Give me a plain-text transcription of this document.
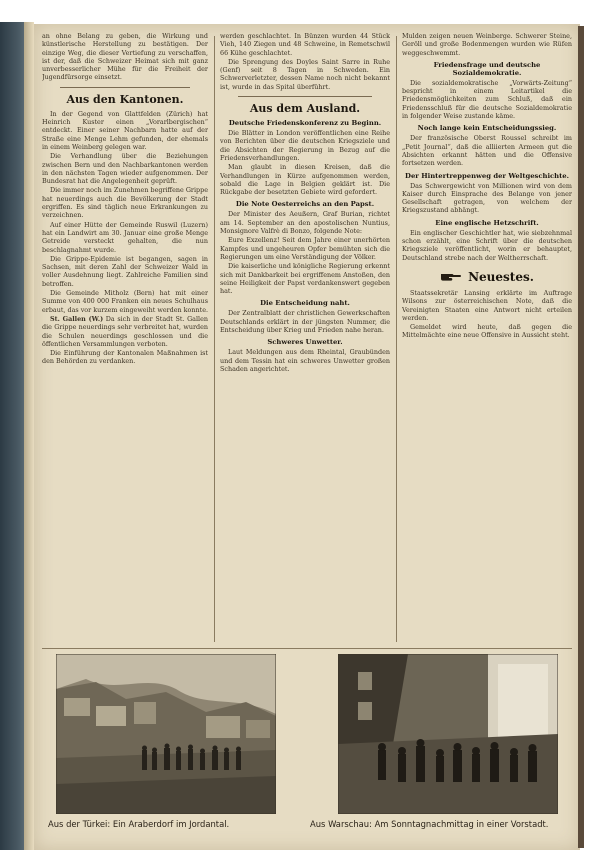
an ohne Belang zu geben, die Wirkung und künstlerische Herstellung zu bestätigen. Der einzige Weg, die dieser Vertiefung zu verschaffen, ist der, daß die Schweizer Heimat sich mit ganz unverbesserlicher Mühe für die Freiheit der Jugendfürsorge einsetzt.

Aus den Kantonen.

In der Gegend von Glattfelden (Zürich) hat Heinrich Kuster einen „Vorarlbergischen“ entdeckt. Einer seiner Nachbarn hatte auf der Straße eine Menge Lehm gefunden, der ehemals in einem Weinberg gelegen war.

Die Verhandlung über die Beziehungen zwischen Bern und den Nachbarkantonen werden in den nächsten Tagen wieder aufgenommen. Der Bundesrat hat die Angelegenheit geprüft.

Die immer noch im Zunehmen begriffene Grippe hat neuerdings auch die Bevölkerung der Stadt ergriffen. Es sind täglich neue Erkrankungen zu verzeichnen.

Auf einer Hütte der Gemeinde Ruswil (Luzern) hat ein Landwirt am 30. Januar eine große Menge Getreide versteckt gehalten, die nun beschlagnahmt wurde.

Die Grippe-Epidemie ist begangen, sagen in Sachsen, mit deren Zahl der Schweizer Wald in voller Ausdehnung liegt. Zahlreiche Familien sind betroffen.

Die Gemeinde Mitholz (Bern) hat mit einer Summe von 400 000 Franken ein neues Schulhaus erbaut, das vor kurzem eingeweiht werden konnte.

St. Gallen (W.) Da sich in der Stadt St. Gallen die Grippe neuerdings sehr verbreitet hat, wurden die Schulen neuerdings geschlossen und die öffentlichen Versammlungen verboten.

Die Einführung der Kantonalen Maßnahmen ist den Behörden zu verdanken.

werden geschlachtet. In Bünzen wurden 44 Stück Vieh, 140 Ziegen und 48 Schweine, in Remetschwil 66 Kühe geschlachtet.

Die Sprengung des Doyles Saint Sarre in Ruhe (Genf) seit 8 Tagen in Schweden. Ein Schwerverletzter, dessen Name noch nicht bekannt ist, wurde in das Spital überführt.

Aus dem Ausland.
Deutsche Friedenskonferenz zu Beginn.

Die Blätter in London veröffentlichen eine Reihe von Berichten über die deutschen Kriegsziele und die Absichten der Regierung in Bezug auf die Friedensverhandlungen.

Man glaubt in diesen Kreisen, daß die Verhandlungen in Kürze aufgenommen werden, sobald die Lage in Belgien geklärt ist. Die Rückgabe der besetzten Gebiete wird gefordert.

Die Note Oesterreichs an den Papst.

Der Minister des Aeußern, Graf Burian, richtet am 14. September an den apostolischen Nuntius, Monsignore Valfrè di Bonzo, folgende Note:

Eure Exzellenz! Seit dem Jahre einer unerhörten Kampfes und ungeheuren Opfer bemühten sich die Regierungen um eine Verständigung der Völker.

Die kaiserliche und königliche Regierung erkennt sich mit Dankbarkeit bei ergriffenem Anstoßen, den seine Heiligkeit der Papst verdankenswert gegeben hat.

Die Entscheidung naht.

Der Zentralblatt der christlichen Gewerkschaften Deutschlands erklärt in der jüngsten Nummer, die Entscheidung über Krieg und Frieden nahe heran.

Schweres Unwetter.

Laut Meldungen aus dem Rheintal, Graubünden und dem Tessin hat ein schweres Unwetter großen Schaden angerichtet.

Mulden zeigen neuen Weinberge. Schwerer Steine, Geröll und große Bodenmengen wurden wie Rüfen weggeschwemmt.

Friedensfrage und deutsche Sozialdemokratie.

Die sozialdemokratische „Vorwärts-Zeitung“ bespricht in einem Leitartikel die Friedensmöglichkeiten zum Schluß, daß ein Friedensschluß für die deutsche Sozialdemokratie in folgender Weise zustande käme.

Noch lange kein Entscheidungssieg.

Der französische Oberst Roussel schreibt im „Petit Journal“, daß die alliierten Armeen gut die Absichten erkannt hätten und die Offensive fortsetzen werden.

Der Hintertreppenweg der Weltgeschichte.

Das Schwergewicht von Millionen wird von dem Kaiser durch Einsprache des Belange von jener Gesellschaft getragen, von welchem der Kriegszustand abhängt.

Eine englische Hetzschrift.

Ein englischer Geschichtler hat, wie siebzehnmal schon erzählt, eine Schrift über die deutschen Kriegsziele veröffentlicht, worin er behauptet, Deutschland strebe nach der Weltherrschaft.

Neuestes.

Staatssekretär Lansing erklärte im Auftrage Wilsons zur österreichischen Note, daß die Vereinigten Staaten eine Antwort nicht erteilen werden.

Gemeldet wird heute, daß gegen die Mittelmächte eine neue Offensive in Aussicht steht.

Aus der Türkei: Ein Araberdorf im Jordantal.	Aus Warschau: Am Sonntagnachmittag in einer Vorstadt.
